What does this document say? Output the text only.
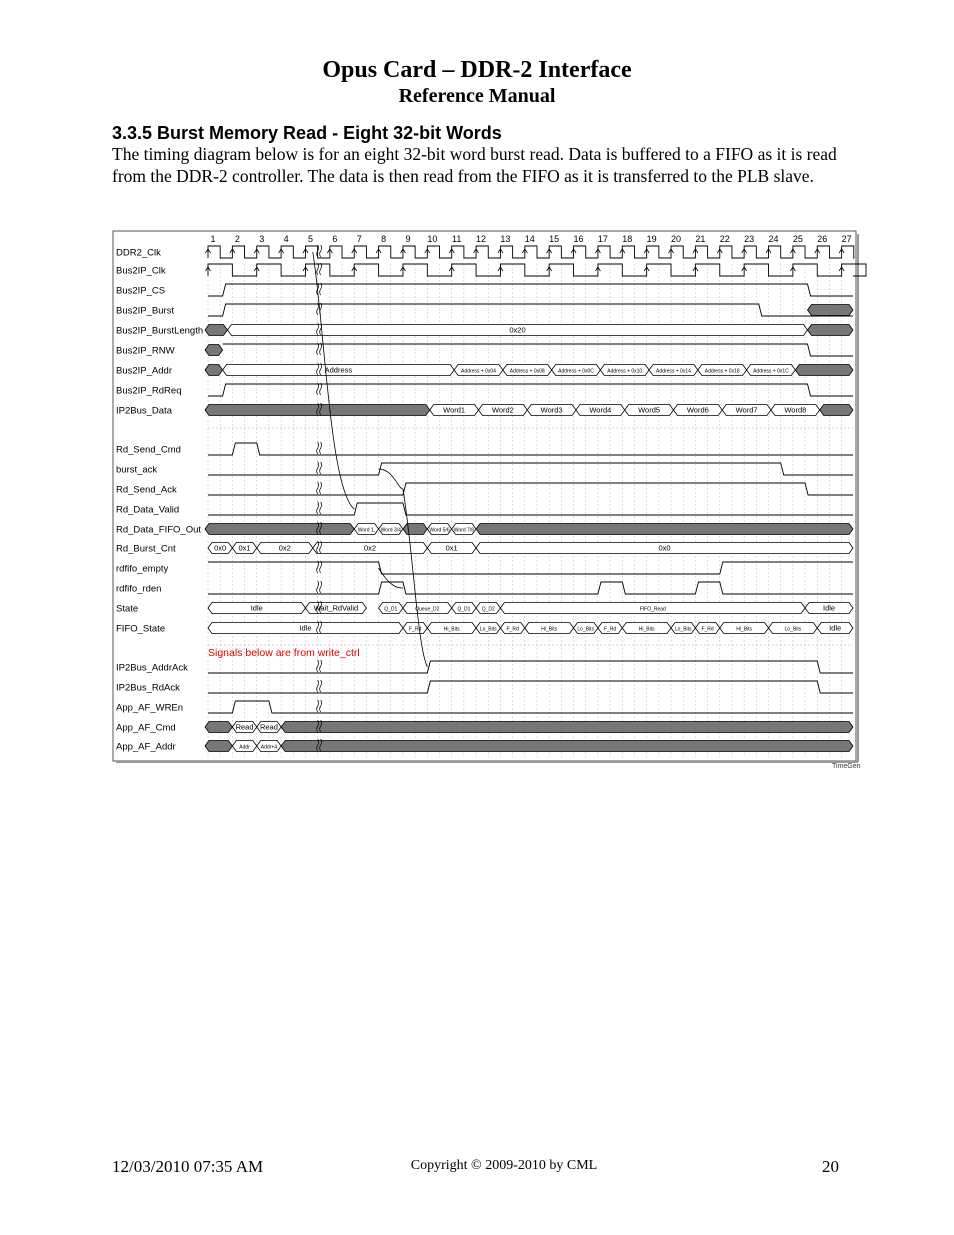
Opus Card – DDR-2 Interface
Reference Manual
3.3.5 Burst Memory Read - Eight 32-bit Words
The timing diagram below is for an eight 32-bit word burst read. Data is buffered to a FIFO as it is read from the DDR-2 controller. The data is then read from the FIFO as it is transferred to the PLB slave.
TimeGen
1 2 3 4 5 6 7 8 9 10 11 12 13 14 15 16 17 18 19 20 21 22 23 24 25 26 27
DDR2_Clk
Bus2IP_Clk
Bus2IP_CS
Bus2IP_Burst
Bus2IP_BurstLength
Bus2IP_RNW
Bus2IP_Addr
Bus2IP_RdReq
IP2Bus_Data
Rd_Send_Cmd
burst_ack
Rd_Send_Ack
Rd_Data_Valid
Rd_Data_FIFO_Out
Rd_Burst_Cnt
rdfifo_empty
rdfifo_rden
State
FIFO_State
IP2Bus_AddrAck
IP2Bus_RdAck
App_AF_WREn
App_AF_Cmd
App_AF_Addr
Signals below are from write_ctrl
0x20
Address	Address + 0x04	Address + 0x08	Address + 0x0C	Address + 0x10	Address + 0x14	Address + 0x18	Address + 0x1C
Word1	Word2	Word3	Word4	Word5	Word6	Word7	Word8
Word 1, Word 3/4	Word 5/6 Word 7/8
0x0 0x1	0x2	0x2	0x1	0x0
Idle	Wait_RdValid	Q_D1	Queue_D2	Q_D1 Q_D2	FIFO_Read	Idle
Idle	F_Rd	Hi_Bits	Lo_Bits F_Rd	Hi_Bits	Lo_Bits F_Rd	Hi_Bits	Lo_Bits F_Rd	Hi_Bits	Lo_Bits	Idle
Read Read
Addr Addr+4
12/03/2010 07:35 AM	Copyright © 2009-2010 by CML	20
